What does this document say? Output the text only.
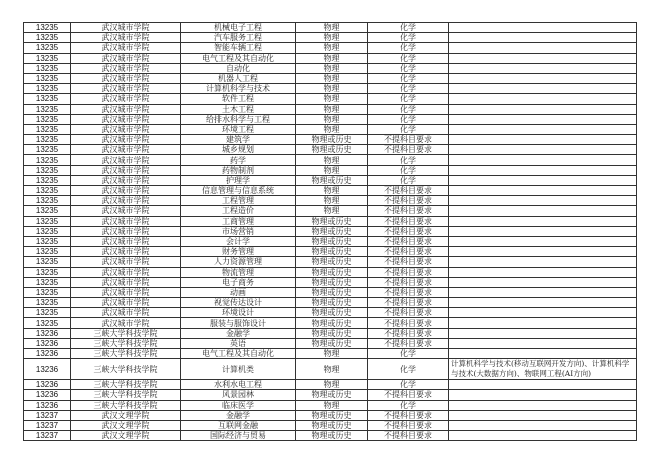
13235	武汉城市学院	机械电子工程	物理	化学	
13235	武汉城市学院	汽车服务工程	物理	化学	
13235	武汉城市学院	智能车辆工程	物理	化学	
13235	武汉城市学院	电气工程及其自动化	物理	化学	
13235	武汉城市学院	自动化	物理	化学	
13235	武汉城市学院	机器人工程	物理	化学	
13235	武汉城市学院	计算机科学与技术	物理	化学	
13235	武汉城市学院	软件工程	物理	化学	
13235	武汉城市学院	土木工程	物理	化学	
13235	武汉城市学院	给排水科学与工程	物理	化学	
13235	武汉城市学院	环境工程	物理	化学	
13235	武汉城市学院	建筑学	物理或历史	不提科目要求	
13235	武汉城市学院	城乡规划	物理或历史	不提科目要求	
13235	武汉城市学院	药学	物理	化学	
13235	武汉城市学院	药物制剂	物理	化学	
13235	武汉城市学院	护理学	物理或历史	化学	
13235	武汉城市学院	信息管理与信息系统	物理	不提科目要求	
13235	武汉城市学院	工程管理	物理	不提科目要求	
13235	武汉城市学院	工程造价	物理	不提科目要求	
13235	武汉城市学院	工商管理	物理或历史	不提科目要求	
13235	武汉城市学院	市场营销	物理或历史	不提科目要求	
13235	武汉城市学院	会计学	物理或历史	不提科目要求	
13235	武汉城市学院	财务管理	物理或历史	不提科目要求	
13235	武汉城市学院	人力资源管理	物理或历史	不提科目要求	
13235	武汉城市学院	物流管理	物理或历史	不提科目要求	
13235	武汉城市学院	电子商务	物理或历史	不提科目要求	
13235	武汉城市学院	动画	物理或历史	不提科目要求	
13235	武汉城市学院	视觉传达设计	物理或历史	不提科目要求	
13235	武汉城市学院	环境设计	物理或历史	不提科目要求	
13235	武汉城市学院	服装与服饰设计	物理或历史	不提科目要求	
13236	三峡大学科技学院	金融学	物理或历史	不提科目要求	
13236	三峡大学科技学院	英语	物理或历史	不提科目要求	
13236	三峡大学科技学院	电气工程及其自动化	物理	化学	
13236	三峡大学科技学院	计算机类	物理	化学	计算机科学与技术(移动互联网开发方向)、计算机科学与技术(大数据方向)、物联网工程(AI方向)
13236	三峡大学科技学院	水利水电工程	物理	化学	
13236	三峡大学科技学院	风景园林	物理或历史	不提科目要求	
13236	三峡大学科技学院	临床医学	物理	化学	
13237	武汉文理学院	金融学	物理或历史	不提科目要求	
13237	武汉文理学院	互联网金融	物理或历史	不提科目要求	
13237	武汉文理学院	国际经济与贸易	物理或历史	不提科目要求	
